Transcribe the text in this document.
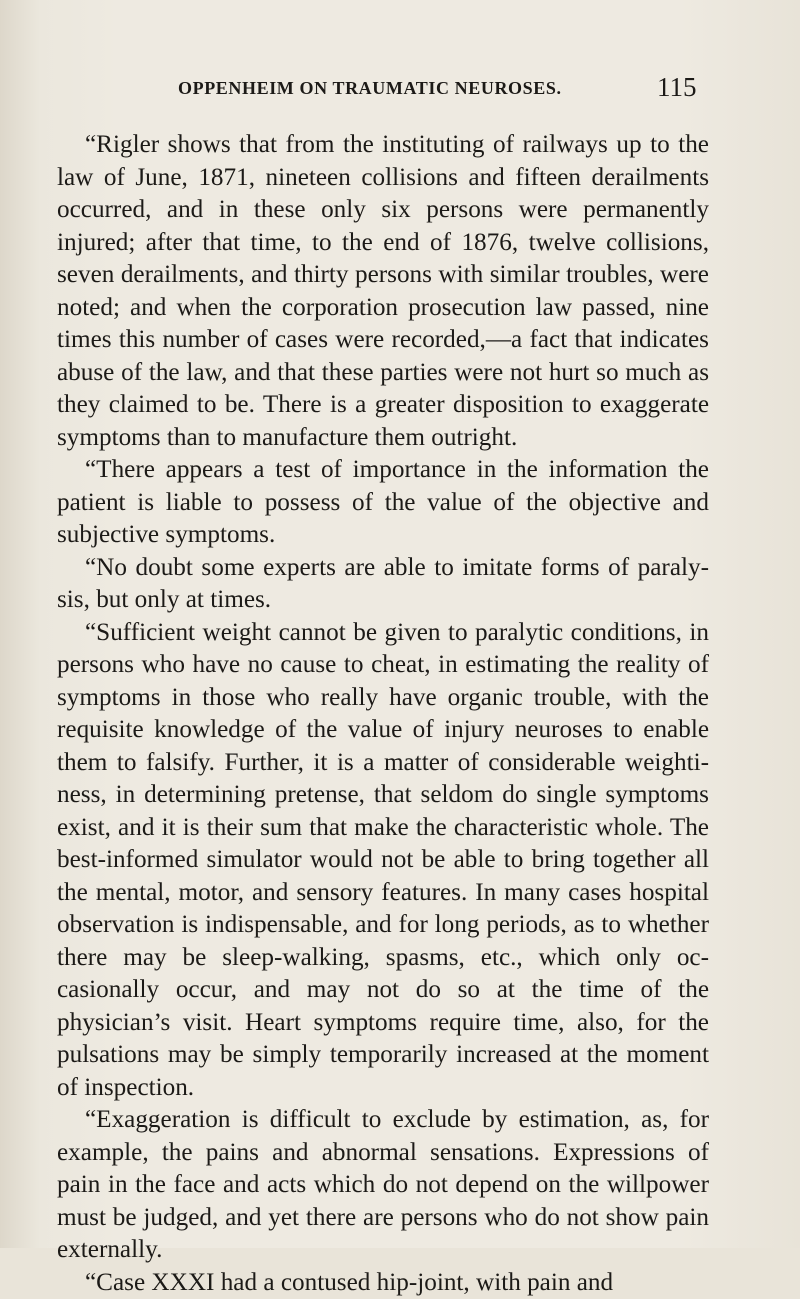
OPPENHEIM ON TRAUMATIC NEUROSES.	115

“Rigler shows that from the instituting of railways up to the law of June, 1871, nineteen collisions and fifteen derailments occurred, and in these only six persons were permanently injured; after that time, to the end of 1876, twelve collisions, seven derailments, and thirty persons with similar troubles, were noted; and when the corporation prosecution law passed, nine times this number of cases were recorded,—a fact that indicates abuse of the law, and that these parties were not hurt so much as they claimed to be. There is a greater disposition to exaggerate symptoms than to manufacture them outright.

“There appears a test of importance in the information the patient is liable to possess of the value of the objective and subjective symptoms.

“No doubt some experts are able to imitate forms of paralysis, but only at times.

“Sufficient weight cannot be given to paralytic conditions, in persons who have no cause to cheat, in estimating the reality of symptoms in those who really have organic trouble, with the requisite knowledge of the value of injury neuroses to enable them to falsify. Further, it is a matter of considerable weightiness, in determining pretense, that seldom do single symptoms exist, and it is their sum that make the characteristic whole. The best-informed simulator would not be able to bring together all the mental, motor, and sensory features. In many cases hospital observation is indispensable, and for long periods, as to whether there may be sleep-walking, spasms, etc., which only occasionally occur, and may not do so at the time of the physician’s visit. Heart symptoms require time, also, for the pulsations may be simply temporarily increased at the moment of inspection.

“Exaggeration is difficult to exclude by estimation, as, for example, the pains and abnormal sensations. Expressions of pain in the face and acts which do not depend on the willpower must be judged, and yet there are persons who do not show pain externally.

“Case XXXI had a contused hip-joint, with pain and
